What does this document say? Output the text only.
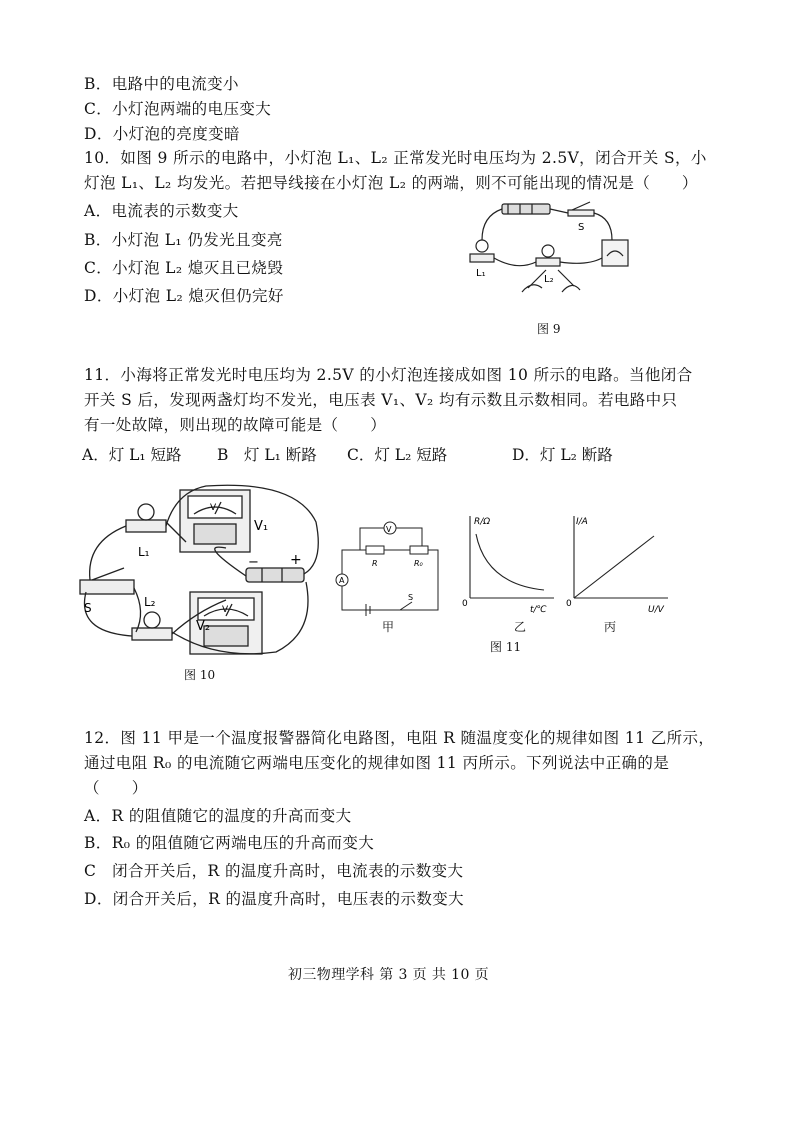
B．电路中的电流变小
C．小灯泡两端的电压变大
D．小灯泡的亮度变暗
10．如图 9 所示的电路中，小灯泡 L₁、L₂ 正常发光时电压均为 2.5V，闭合开关 S，小
灯泡 L₁、L₂ 均发光。若把导线接在小灯泡 L₂ 的两端，则不可能出现的情况是（　　）
A．电流表的示数变大
B．小灯泡 L₁ 仍发光且变亮
C．小灯泡 L₂ 熄灭且已烧毁
D．小灯泡 L₂ 熄灭但仍完好
S
L₁
L₂
图 9
11．小海将正常发光时电压均为 2.5V 的小灯泡连接成如图 10 所示的电路。当他闭合
开关 S 后，发现两盏灯均不发光，电压表 V₁、V₂ 均有示数且示数相同。若电路中只
有一处故障，则出现的故障可能是（　　）
A．灯 L₁ 短路 B　灯 L₁ 断路 C．灯 L₂ 短路	D．灯 L₂ 断路
L₁
V₁
S	L₂
V₂
− +
V
V
图 10
V
A
R	R₀
S
甲
R/Ω
t/℃
0
乙
I/A
U/V
0
丙
图 11
12．图 11 甲是一个温度报警器简化电路图，电阻 R 随温度变化的规律如图 11 乙所示，
通过电阻 R₀ 的电流随它两端电压变化的规律如图 11 丙所示。下列说法中正确的是
（　　）
A．R 的阻值随它的温度的升高而变大
B．R₀ 的阻值随它两端电压的升高而变大
C　闭合开关后，R 的温度升高时，电流表的示数变大
D．闭合开关后，R 的温度升高时，电压表的示数变大
初三物理学科 第 3 页 共 10 页
